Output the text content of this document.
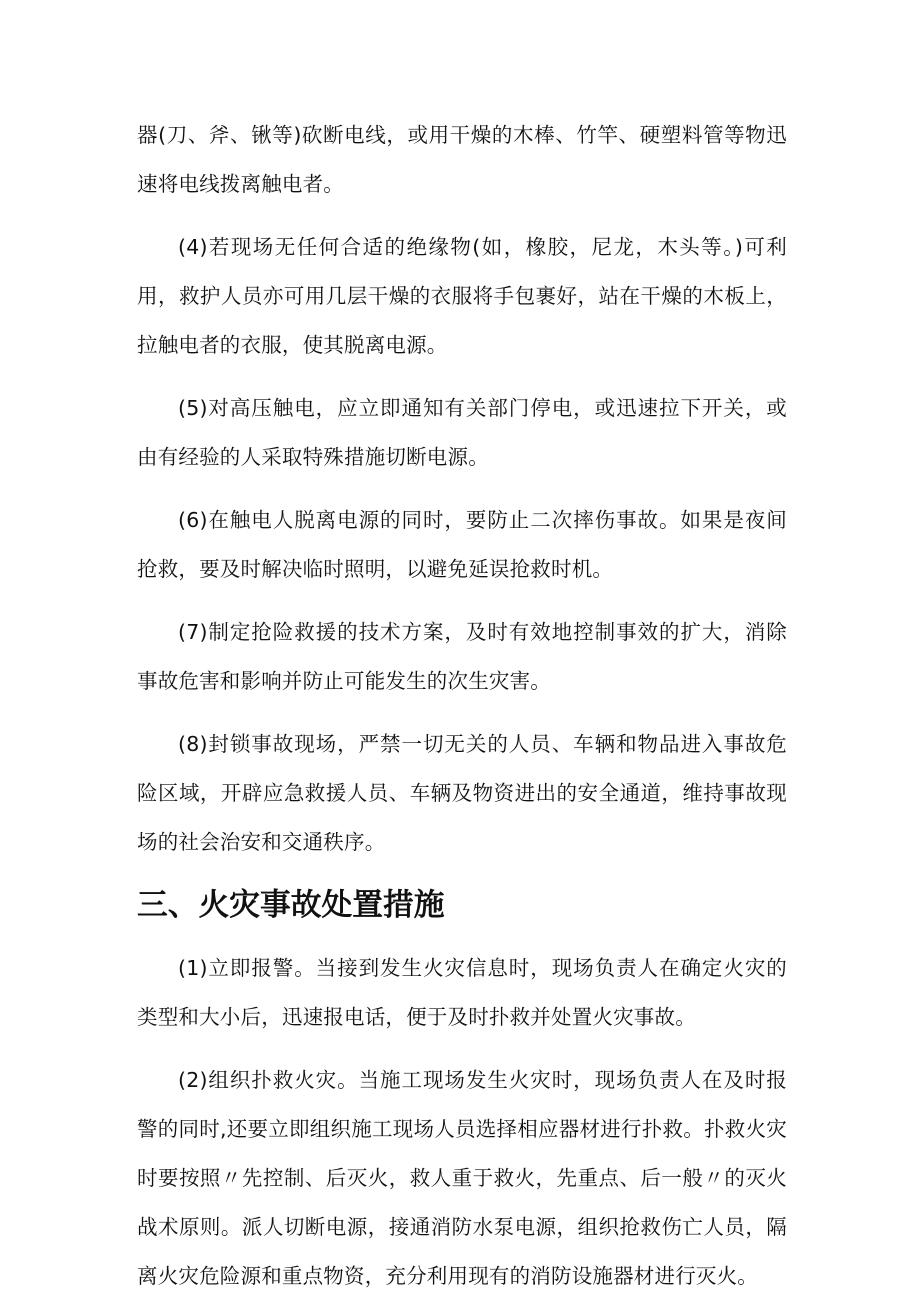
器(刀、斧、锹等)砍断电线，或用干燥的木棒、竹竿、硬塑料管等物迅速将电线拨离触电者。

(4)若现场无任何合适的绝缘物(如，橡胶，尼龙，木头等。)可利用，救护人员亦可用几层干燥的衣服将手包裹好，站在干燥的木板上，拉触电者的衣服，使其脱离电源。

(5)对高压触电，应立即通知有关部门停电，或迅速拉下开关，或由有经验的人采取特殊措施切断电源。

(6)在触电人脱离电源的同时，要防止二次摔伤事故。如果是夜间抢救，要及时解决临时照明，以避免延误抢救时机。

(7)制定抢险救援的技术方案，及时有效地控制事效的扩大，消除事故危害和影响并防止可能发生的次生灾害。

(8)封锁事故现场，严禁一切无关的人员、车辆和物品进入事故危险区域，开辟应急救援人员、车辆及物资进出的安全通道，维持事故现场的社会治安和交通秩序。

三、火灾事故处置措施

(1)立即报警。当接到发生火灾信息时，现场负责人在确定火灾的类型和大小后，迅速报电话，便于及时扑救并处置火灾事故。

(2)组织扑救火灾。当施工现场发生火灾时，现场负责人在及时报警的同时,还要立即组织施工现场人员选择相应器材进行扑救。扑救火灾时要按照〃先控制、后灭火，救人重于救火，先重点、后一般〃的灭火战术原则。派人切断电源，接通消防水泵电源，组织抢救伤亡人员，隔离火灾危险源和重点物资，充分利用现有的消防设施器材进行灭火。
